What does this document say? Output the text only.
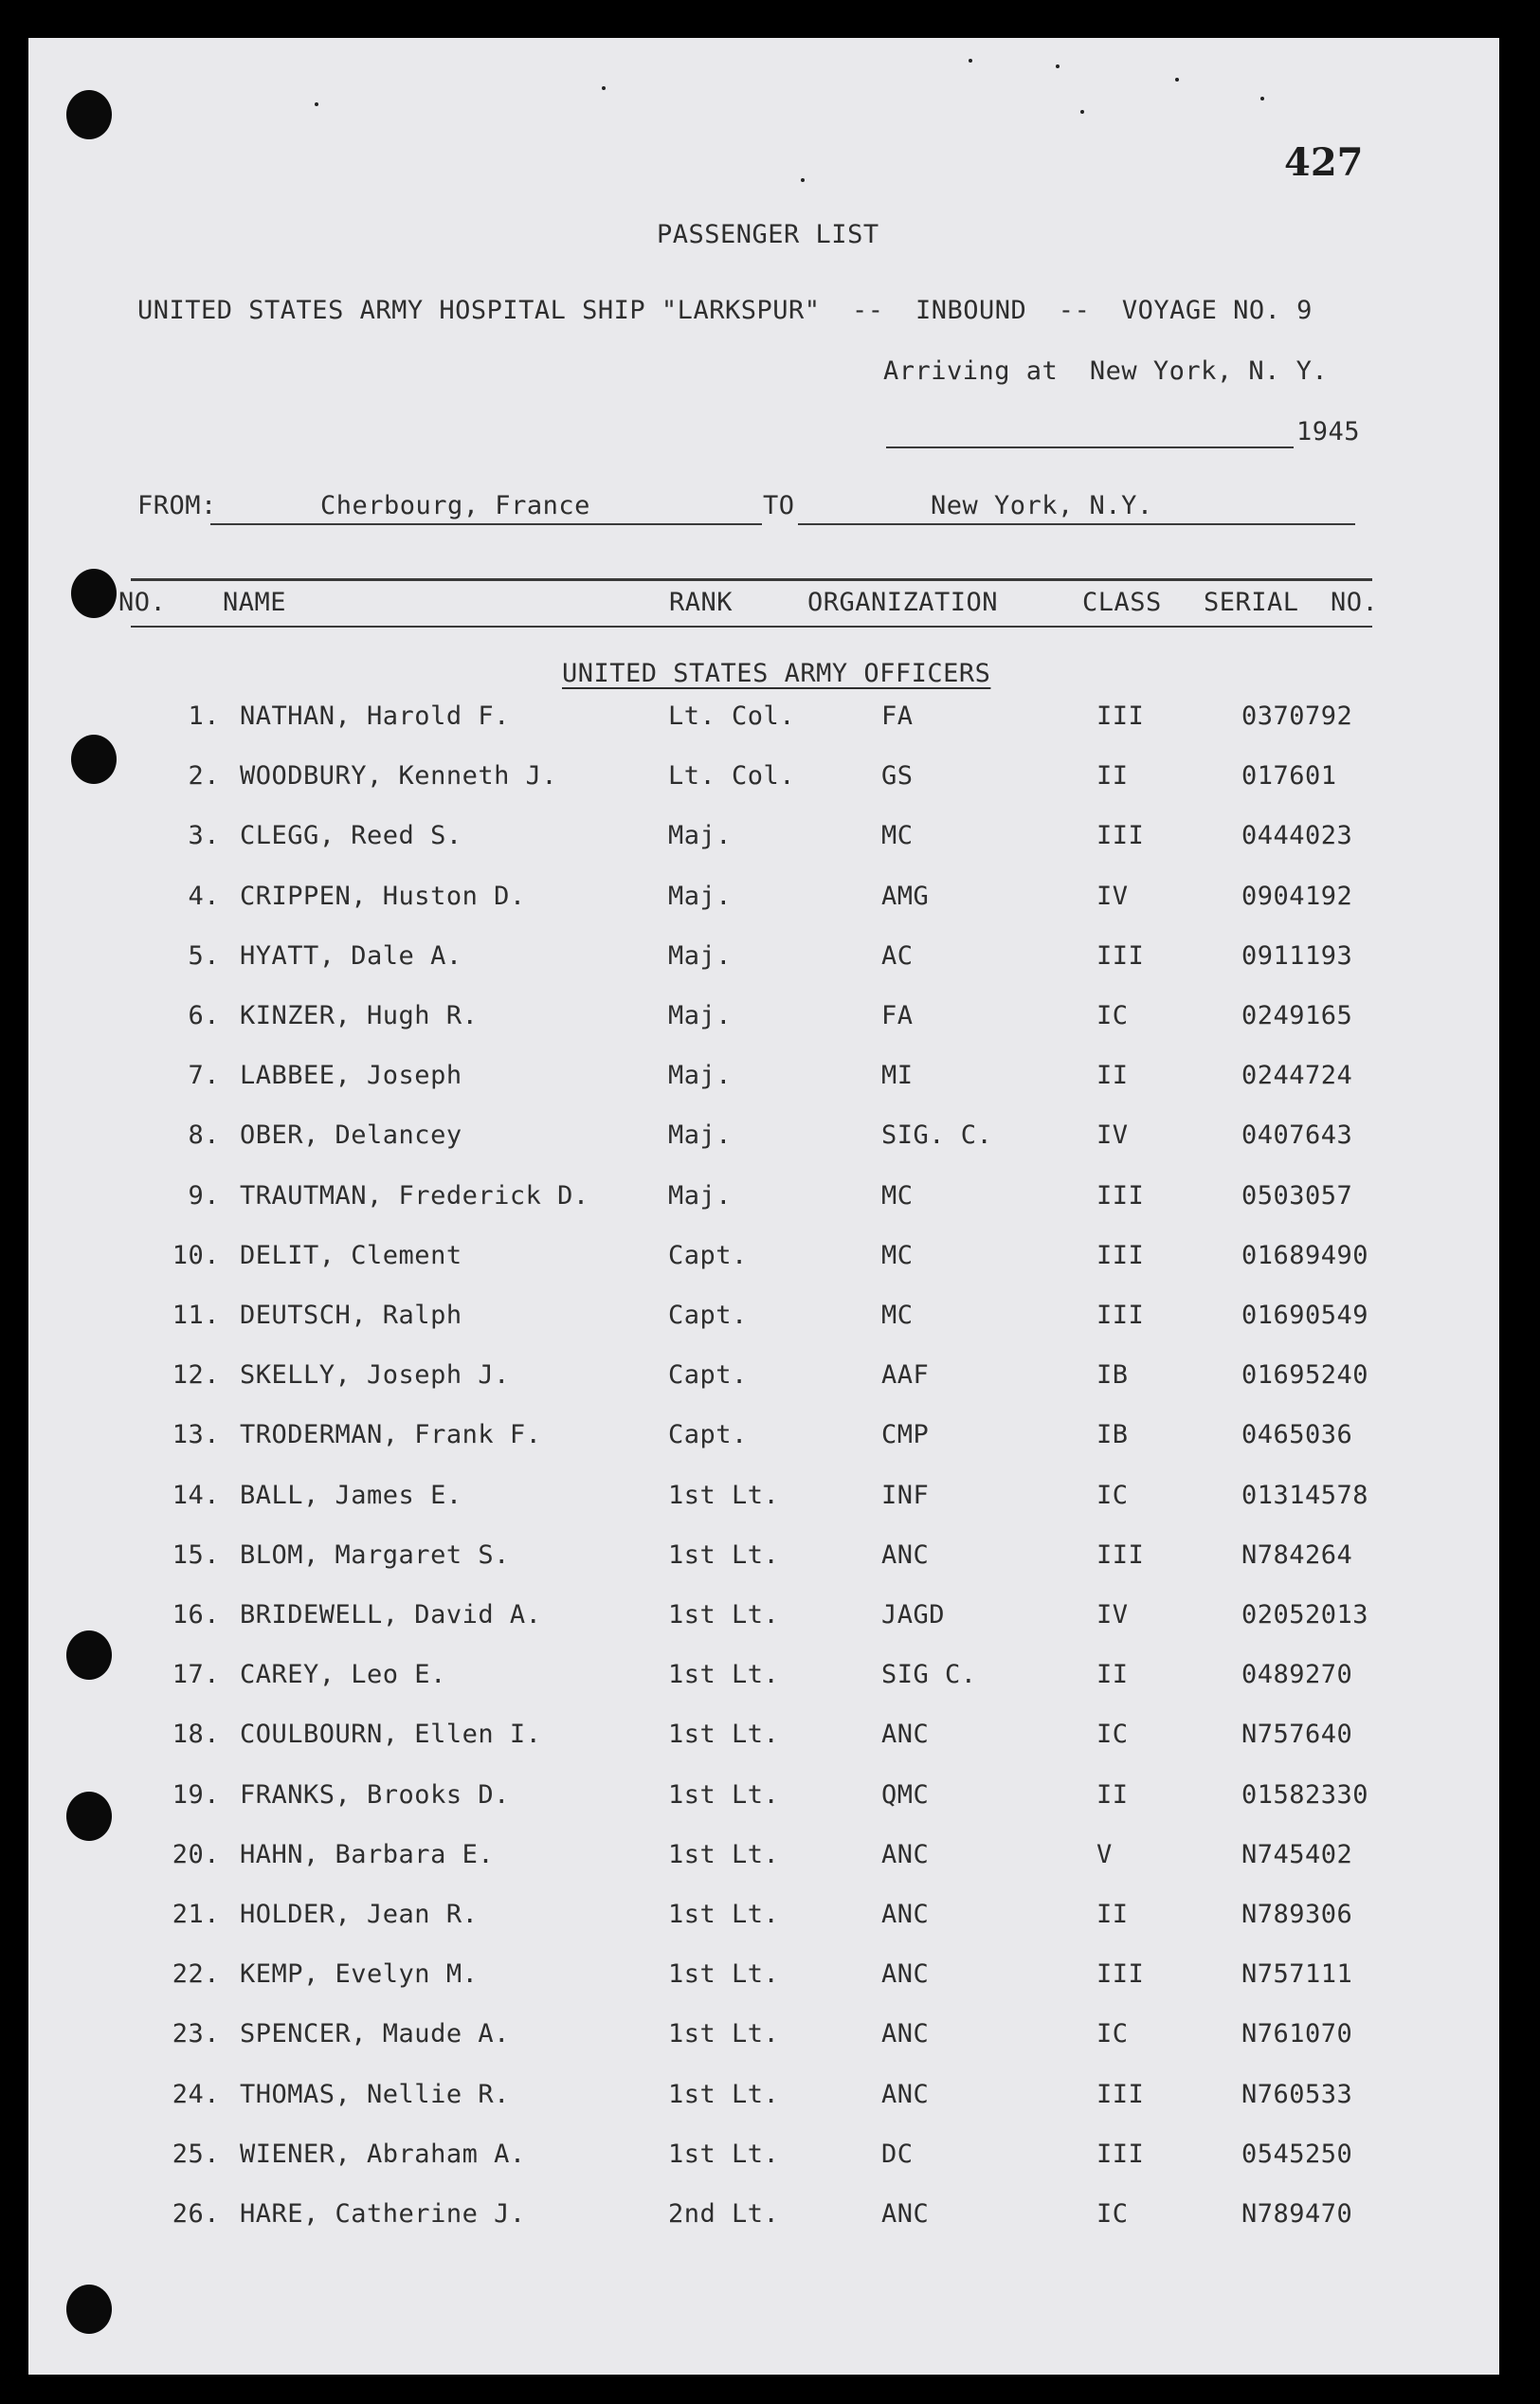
427
PASSENGER LIST
UNITED STATES ARMY HOSPITAL SHIP "LARKSPUR"  --  INBOUND  --  VOYAGE NO. 9
Arriving at  New York, N. Y.
1945
FROM:	Cherbourg, France	TO	New York, N.Y.
NO.	NAME	RANK	ORGANIZATION	CLASS SERIAL  NO.
UNITED STATES ARMY OFFICERS
1. NATHAN, Harold F.	Lt. Col.	FA	III	0370792
2. WOODBURY, Kenneth J.	Lt. Col.	GS	II	017601
3. CLEGG, Reed S.	Maj.	MC	III	0444023
4. CRIPPEN, Huston D.	Maj.	AMG	IV	0904192
5. HYATT, Dale A.	Maj.	AC	III	0911193
6. KINZER, Hugh R.	Maj.	FA	IC	0249165
7. LABBEE, Joseph	Maj.	MI	II	0244724
8. OBER, Delancey	Maj.	SIG. C.	IV	0407643
9. TRAUTMAN, Frederick D.	Maj.	MC	III	0503057
10. DELIT, Clement	Capt.	MC	III	01689490
11. DEUTSCH, Ralph	Capt.	MC	III	01690549
12. SKELLY, Joseph J.	Capt.	AAF	IB	01695240
13. TRODERMAN, Frank F.	Capt.	CMP	IB	0465036
14. BALL, James E.	1st Lt.	INF	IC	01314578
15. BLOM, Margaret S.	1st Lt.	ANC	III	N784264
16. BRIDEWELL, David A.	1st Lt.	JAGD	IV	02052013
17. CAREY, Leo E.	1st Lt.	SIG C.	II	0489270
18. COULBOURN, Ellen I.	1st Lt.	ANC	IC	N757640
19. FRANKS, Brooks D.	1st Lt.	QMC	II	01582330
20. HAHN, Barbara E.	1st Lt.	ANC	V	N745402
21. HOLDER, Jean R.	1st Lt.	ANC	II	N789306
22. KEMP, Evelyn M.	1st Lt.	ANC	III	N757111
23. SPENCER, Maude A.	1st Lt.	ANC	IC	N761070
24. THOMAS, Nellie R.	1st Lt.	ANC	III	N760533
25. WIENER, Abraham A.	1st Lt.	DC	III	0545250
26. HARE, Catherine J.	2nd Lt.	ANC	IC	N789470
